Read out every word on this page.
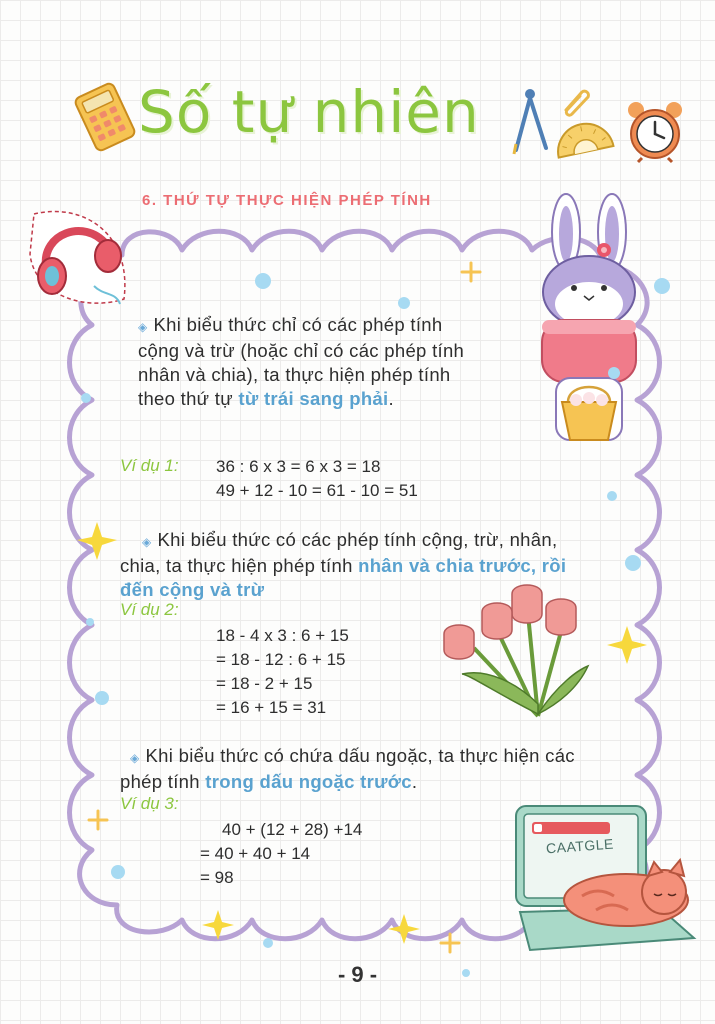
Số tự nhiên
6. THỨ TỰ THỰC HIỆN PHÉP TÍNH
CAATGLE
◈ Khi biểu thức chỉ có các phép tính cộng và trừ (hoặc chỉ có các phép tính nhân và chia), ta thực hiện phép tính theo thứ tự từ trái sang phải.
Ví dụ 1: 36 : 6 x 3 = 6 x 3 = 18
49 + 12 - 10 = 61 - 10 = 51
◈ Khi biểu thức có các phép tính cộng, trừ, nhân, chia, ta thực hiện phép tính nhân và chia trước, rồi đến cộng và trừ
Ví dụ 2:
18 - 4 x 3 : 6 + 15
= 18 - 12 : 6 + 15
= 18 - 2 + 15
= 16 + 15 = 31
◈ Khi biểu thức có chứa dấu ngoặc, ta thực hiện các phép tính trong dấu ngoặc trước.
Ví dụ 3:
40 + (12 + 28) +14
= 40 + 40 + 14
= 98
- 9 -
